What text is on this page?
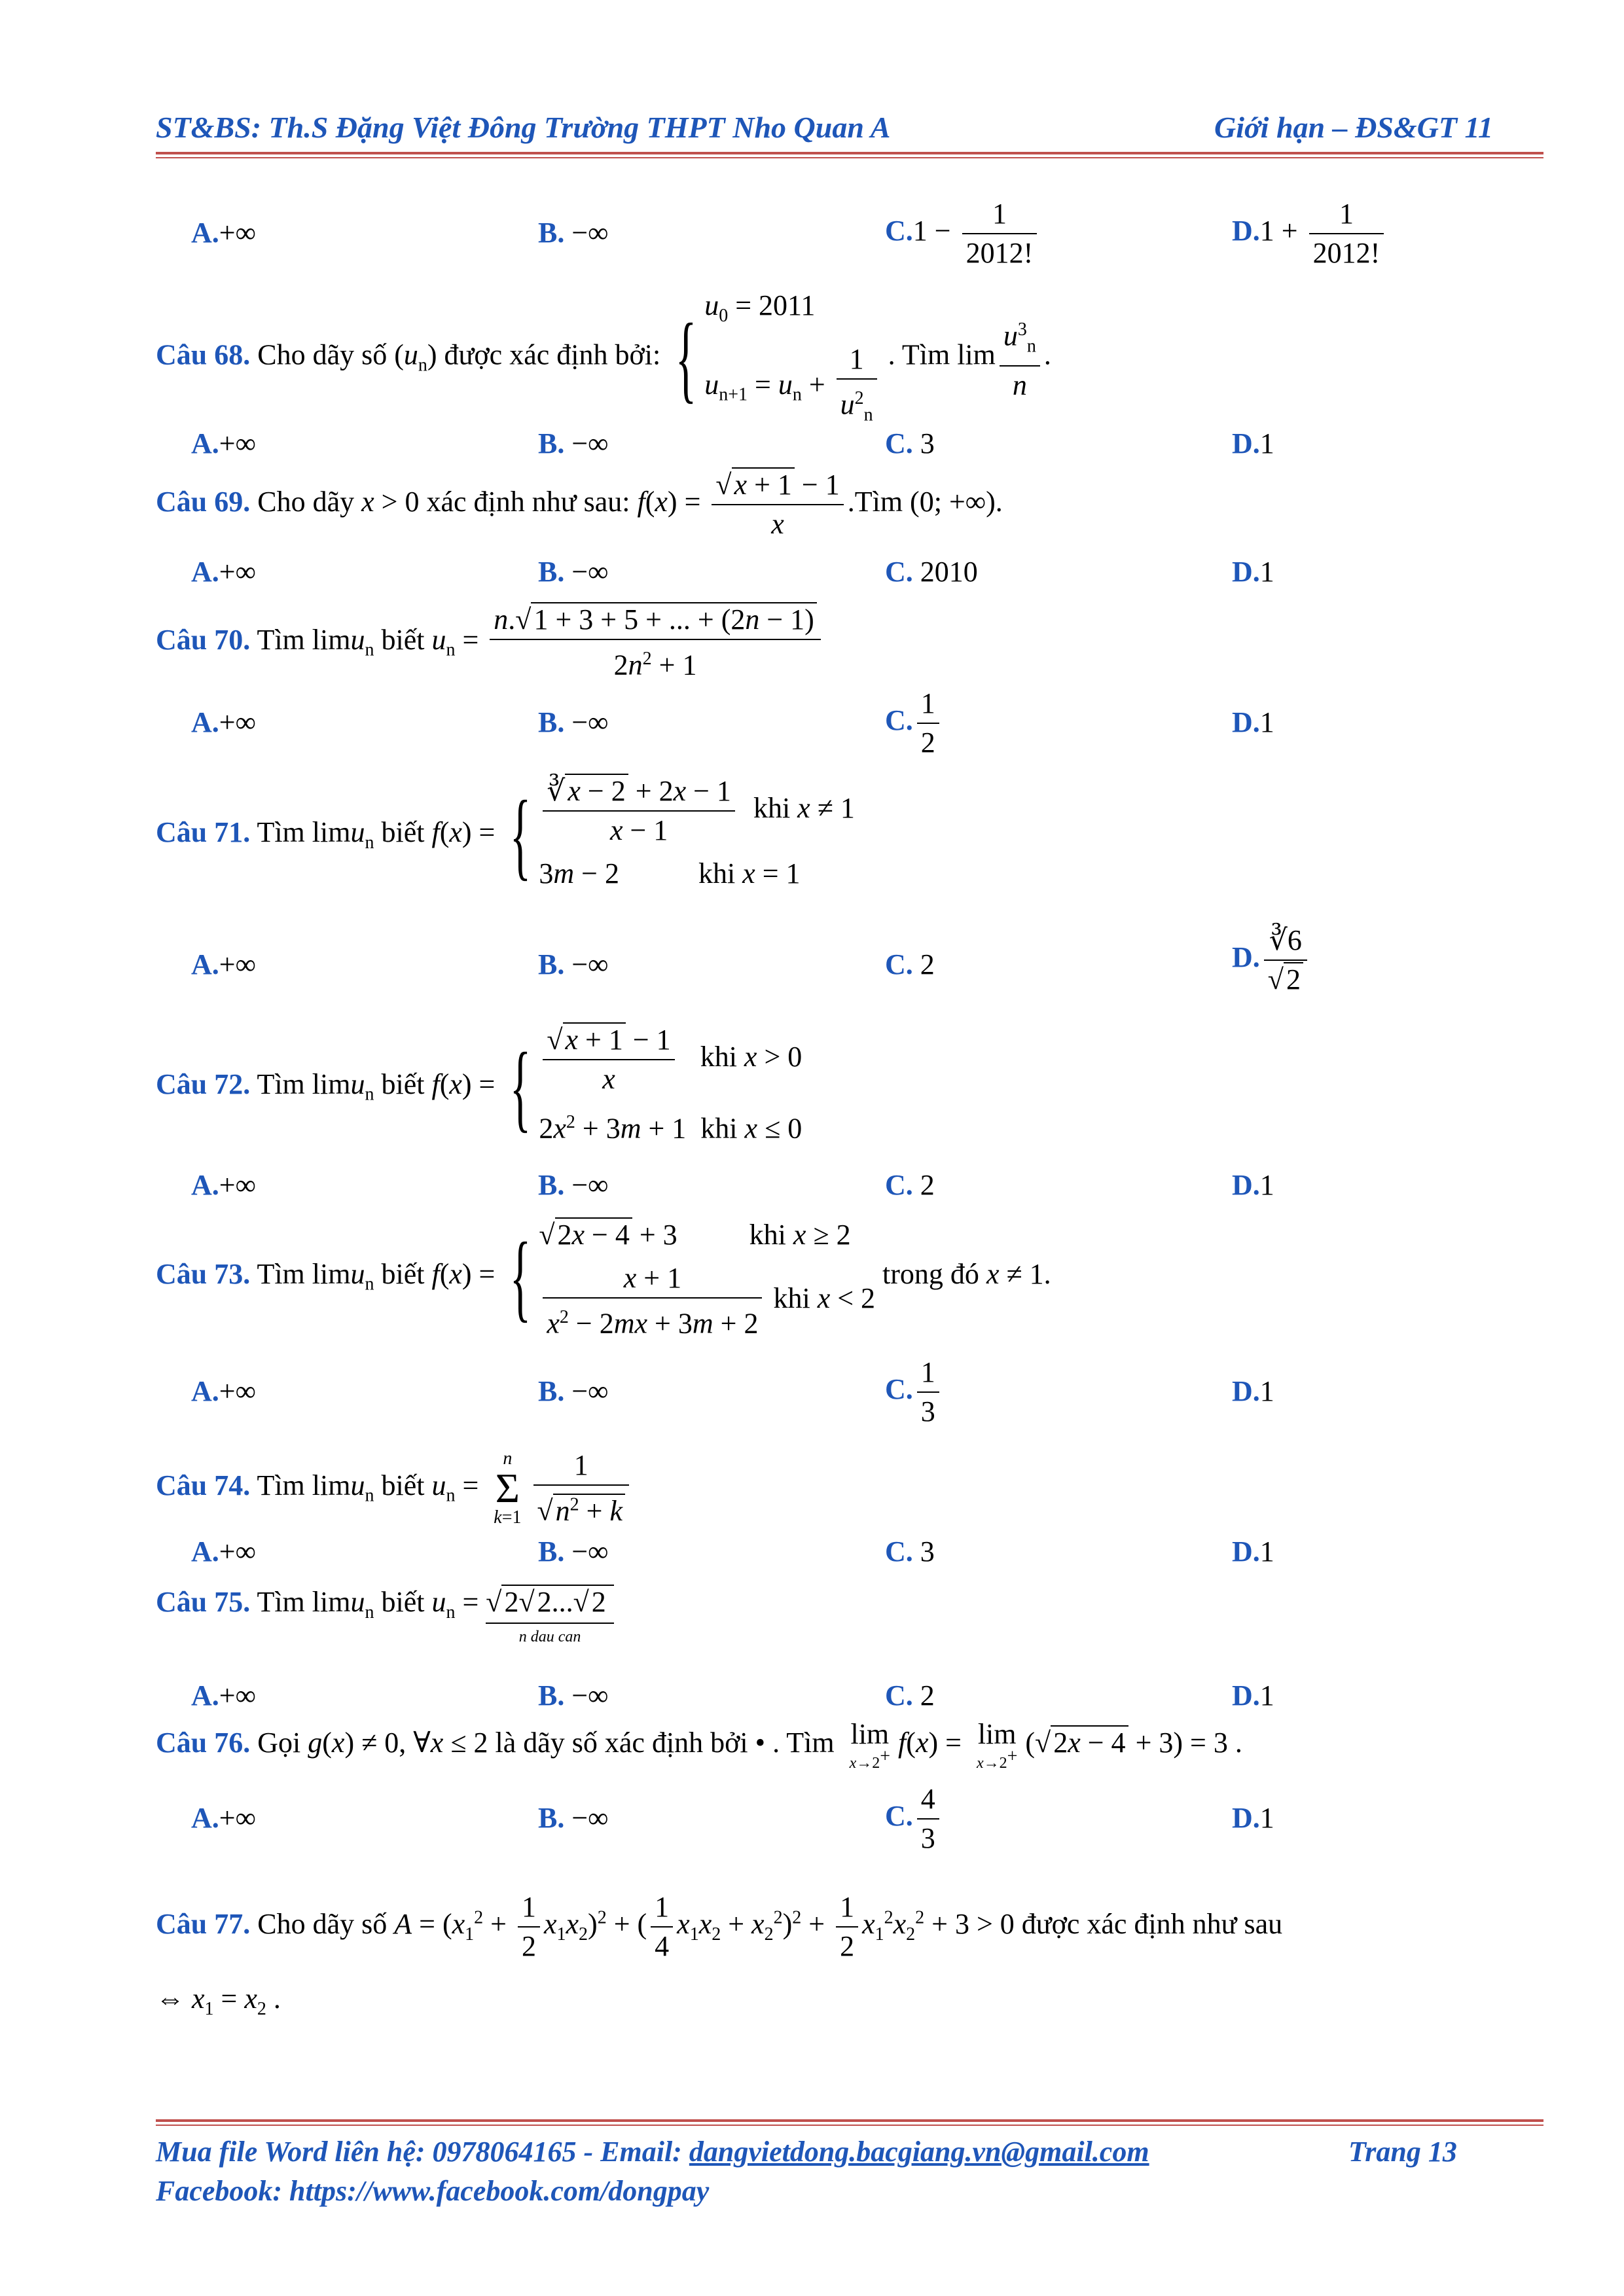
ST&BS: Th.S Đặng Việt Đông Trường THPT Nho Quan A	Giới hạn – ĐS&GT 11
A.+∞	B. −∞	$C.1 - \frac{1}{2012!}$	$D.1 + \frac{1}{2012!}$
Câu 68. Cho dãy số $(u_n)$ được xác định bởi: { $u_0 = 2011$
$u_{n+1} = u_n + \frac{1}{u^2_n}$ . Tìm $\lim \frac{u^3_n}{n}$ .
A.+∞	B. −∞	C. 3	D.1
Câu 69. Cho dãy x > 0 xác định như sau: $f(x) = \frac{√x + 1 - 1}{x}$ .Tìm (0; +∞).
A.+∞	B. −∞	C. 2010	D.1
Câu 70. Tìm limu$_n$ biết $u_n = \frac{n.√1 + 3 + 5 + ... + (2n - 1)}{2n^2 + 1}$
A.+∞	B. −∞	C. $\frac{1}{2}$	D.1
Câu 71. Tìm limu$_n$ biết f(x) = { $\frac{∛x - 2 + 2x - 1}{x - 1}$ khi x ≠ 1
3m − 2           khi x = 1
A.+∞	B. −∞	C. 2	D. $\frac{∛6}{√2}$
Câu 72. Tìm limu$_n$ biết f(x) = { $\frac{√x + 1 - 1}{x}$ khi x > 0
$2x^2 + 3m + 1$  khi x ≤ 0
A.+∞	B. −∞	C. 2	D.1
Câu 73. Tìm limu$_n$ biết f(x) = { √2x − 4 + 3          khi x ≥ 2
$\frac{x + 1}{x^2 - 2mx + 3m + 2}$ khi x < 2
trong đó x ≠ 1.
A.+∞	B. −∞	C. $\frac{1}{3}$	D.1
Câu 74. Tìm limu$_n$ biết $u_n$ =
n
Σ
$k=1 \frac{1}{√n^2 + k}$
A.+∞	B. −∞	C. 3	D.1
Câu 75. Tìm limu$_n$ biết $u_n = √2√2...√2$
n dau can
A.+∞	B. −∞	C. 2	D.1
Câu 76. Gọi g(x) ≠ 0, ∀x ≤ 2 là dãy số xác định bởi • . Tìm lim
x→2+ f(x) = lim
x→2+ (√2x − 4 + 3) = 3 .
A.+∞	B. −∞	C. $\frac{4}{3}$	D.1
Câu 77. Cho dãy số $A = (x_1^2 + \frac{1}{2} x_1x_2)^2$ + ( $\frac{1}{4} x_1x_2 + x_2^2)^2 + \frac{1}{2} x_1^2x_2^2 + 3 > 0$ được xác định như sau
⇔ $x_1 = x_2$ .
Mua file Word liên hệ: 0978064165 - Email: dangvietdong.bacgiang.vn@gmail.com	Trang 13
Facebook: https://www.facebook.com/dongpay
